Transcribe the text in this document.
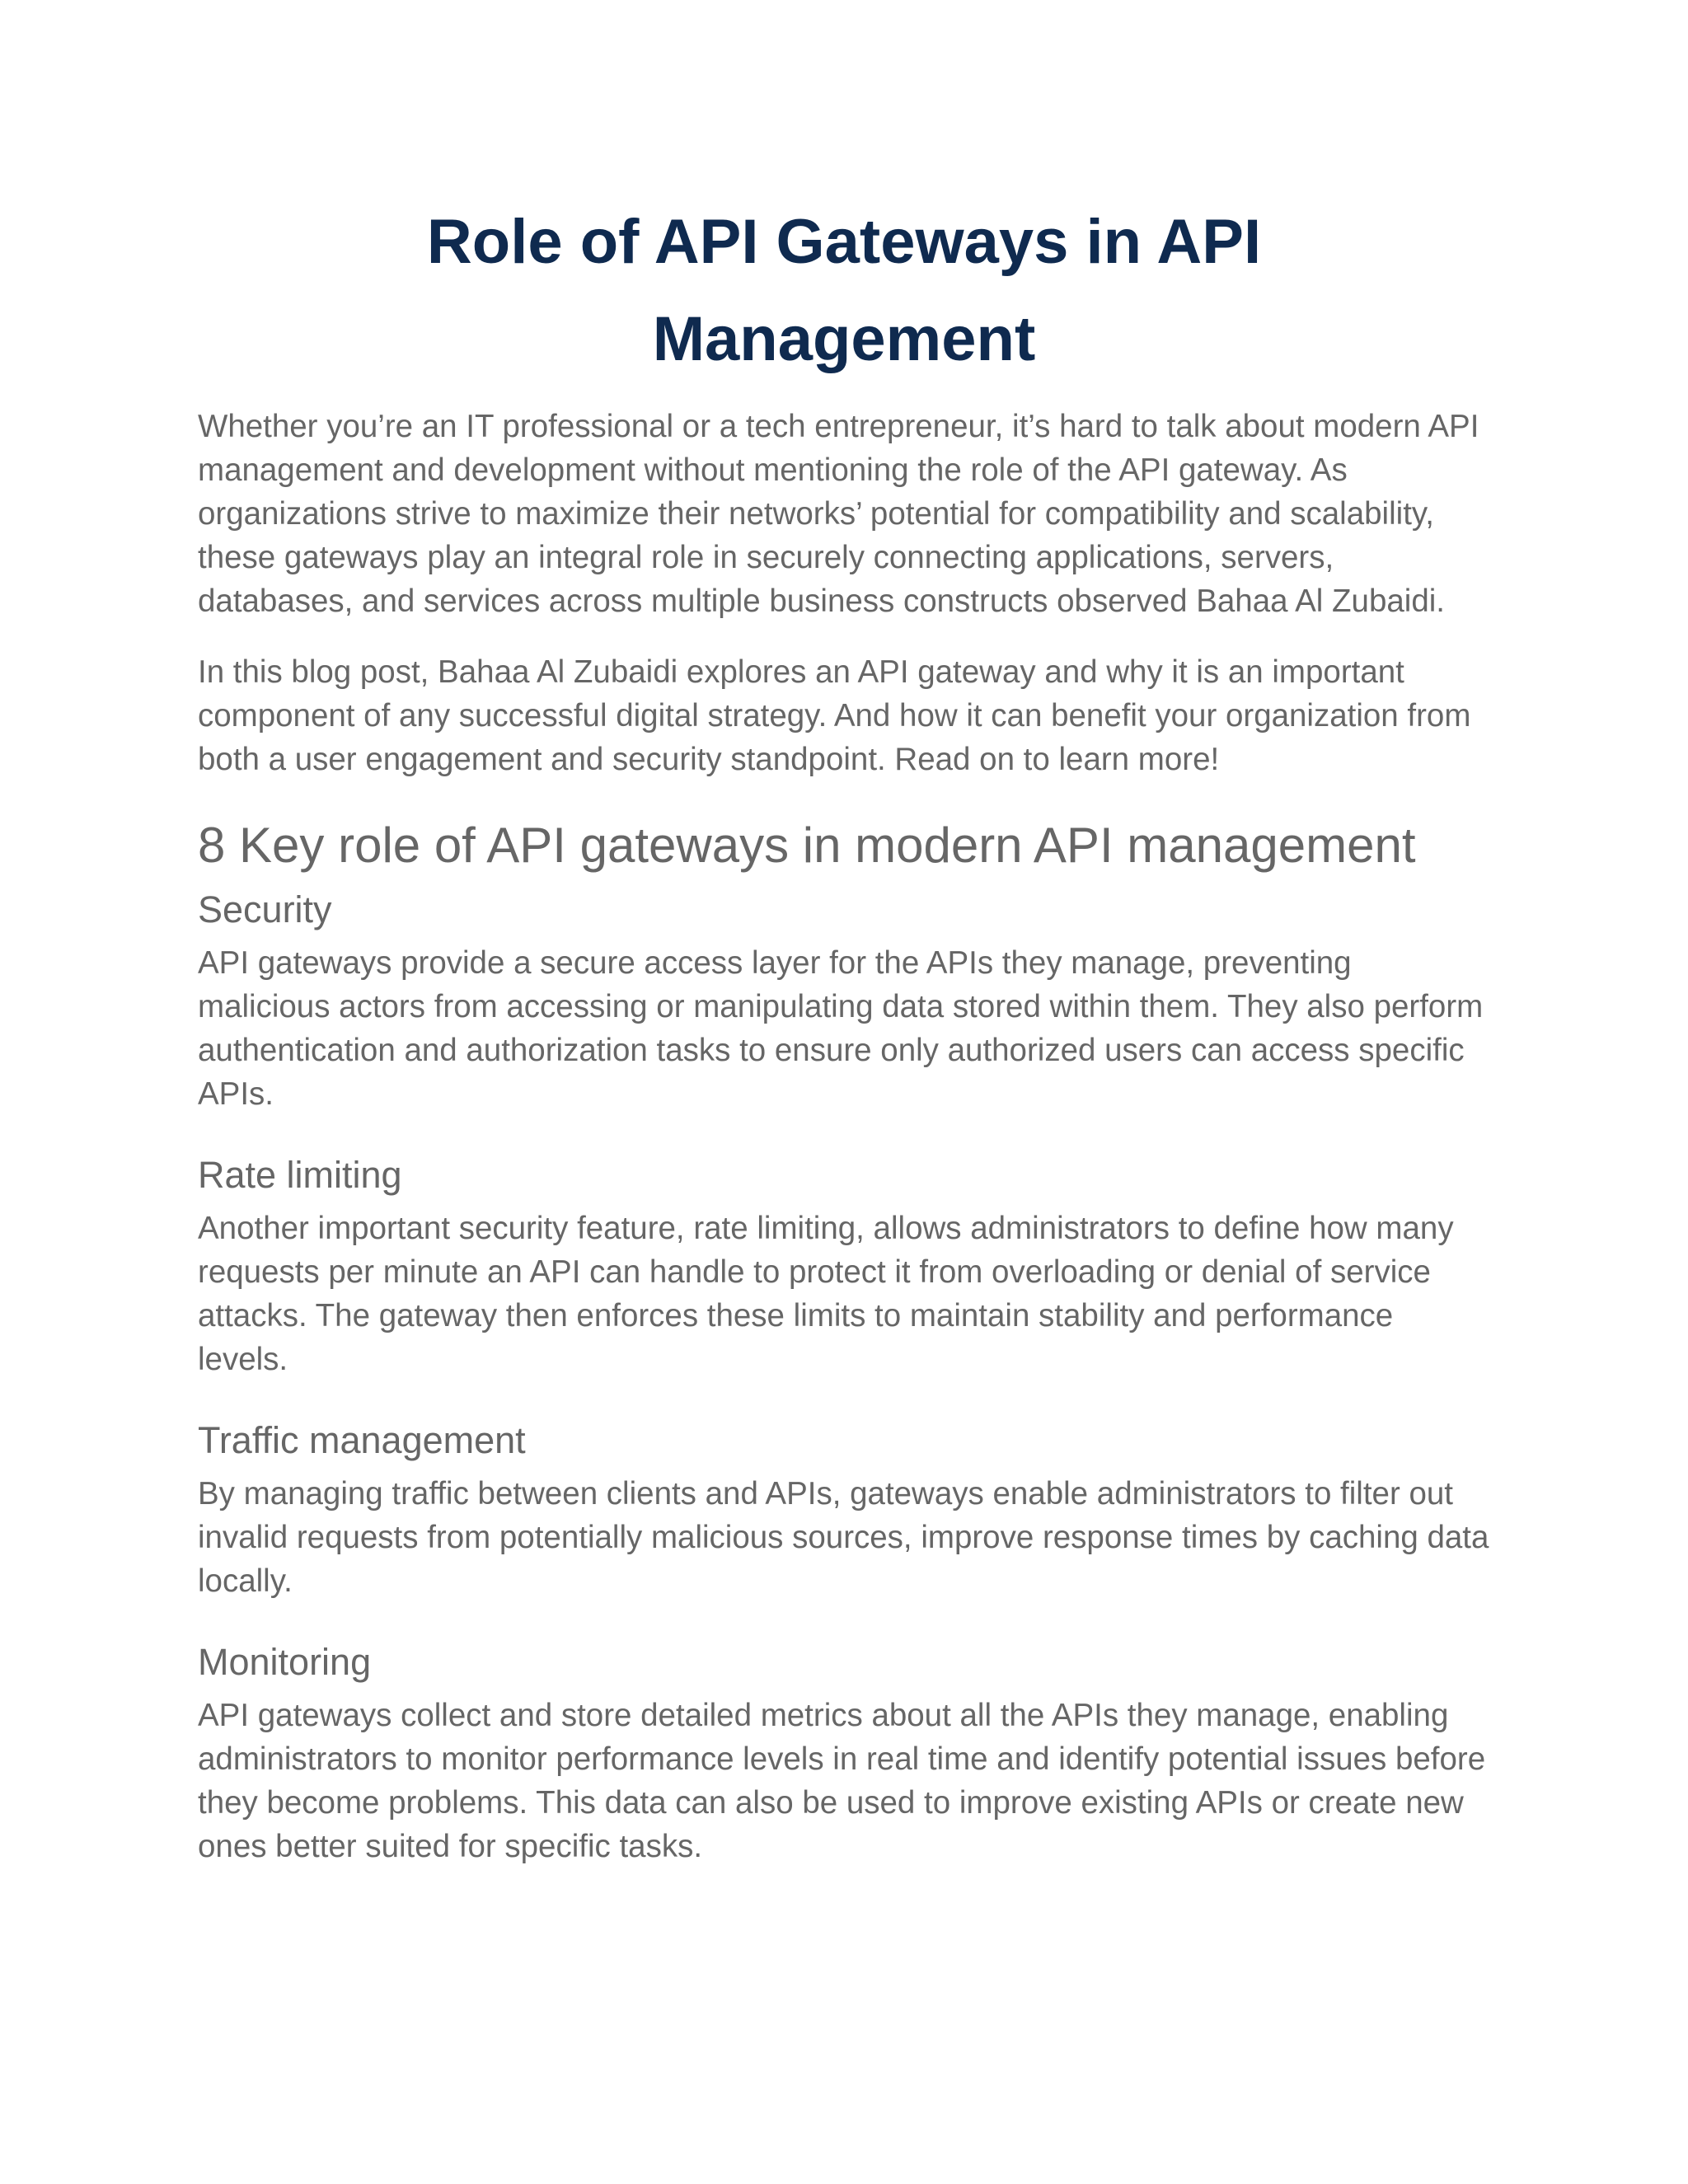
Role of API Gateways in API Management

Whether you’re an IT professional or a tech entrepreneur, it’s hard to talk about modern API management and development without mentioning the role of the API gateway. As organizations strive to maximize their networks’ potential for compatibility and scalability, these gateways play an integral role in securely connecting applications, servers, databases, and services across multiple business constructs observed Bahaa Al Zubaidi.

In this blog post, Bahaa Al Zubaidi explores an API gateway and why it is an important component of any successful digital strategy. And how it can benefit your organization from both a user engagement and security standpoint. Read on to learn more!

8 Key role of API gateways in modern API management
Security

API gateways provide a secure access layer for the APIs they manage, preventing malicious actors from accessing or manipulating data stored within them. They also perform authentication and authorization tasks to ensure only authorized users can access specific APIs.

Rate limiting

Another important security feature, rate limiting, allows administrators to define how many requests per minute an API can handle to protect it from overloading or denial of service attacks. The gateway then enforces these limits to maintain stability and performance levels.

Traffic management

By managing traffic between clients and APIs, gateways enable administrators to filter out invalid requests from potentially malicious sources, improve response times by caching data locally.

Monitoring

API gateways collect and store detailed metrics about all the APIs they manage, enabling administrators to monitor performance levels in real time and identify potential issues before they become problems. This data can also be used to improve existing APIs or create new ones better suited for specific tasks.
